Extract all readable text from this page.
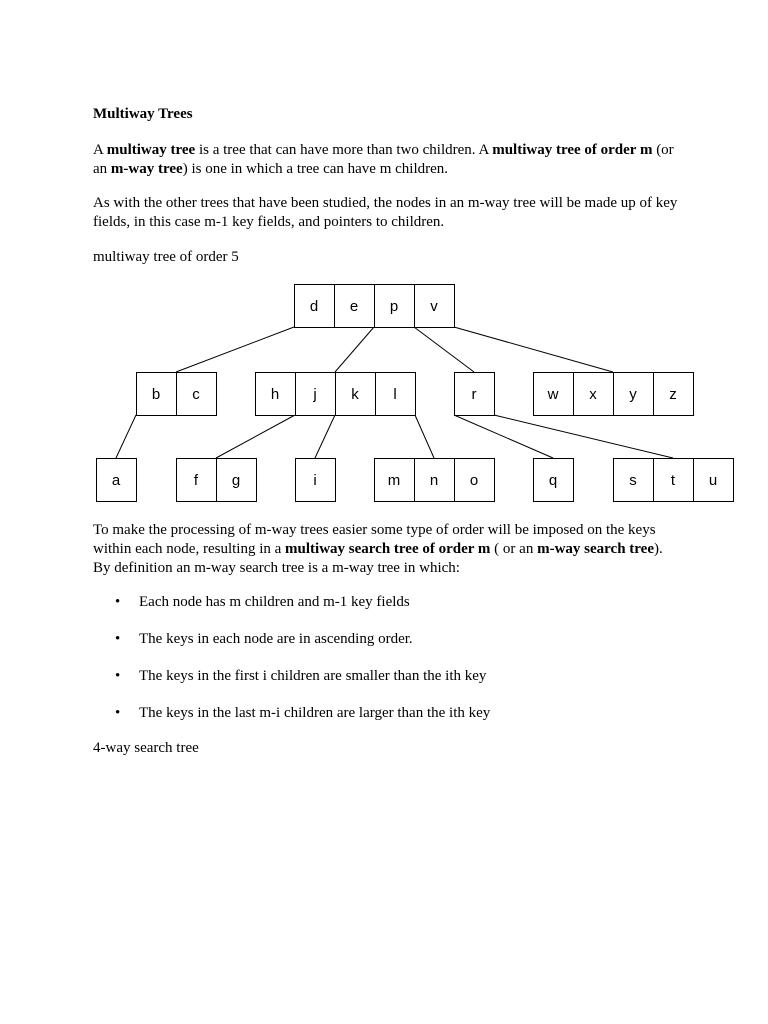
Multiway Trees

A multiway tree is a tree that can have more than two children. A multiway tree of order m (or an m-way tree) is one in which a tree can have m children.

As with the other trees that have been studied, the nodes in an m-way tree will be made up of key fields, in this case m-1 key fields, and pointers to children.

multiway tree of order 5

d e p v
b c	h j k l	r	w x y z
a	f g	i	m n o	q	s t u

To make the processing of m-way trees easier some type of order will be imposed on the keys within each node, resulting in a multiway search tree of order m ( or an m-way search tree). By definition an m-way search tree is a m-way tree in which:

• Each node has m children and m-1 key fields
• The keys in each node are in ascending order.
• The keys in the first i children are smaller than the ith key
• The keys in the last m-i children are larger than the ith key

4-way search tree
